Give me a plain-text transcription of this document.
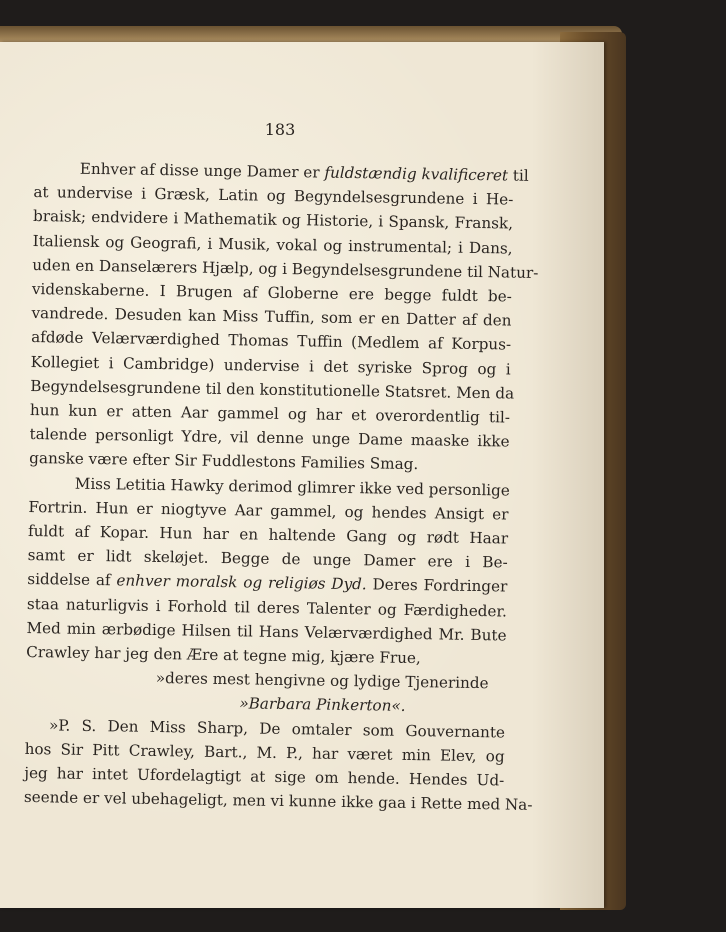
183
Enhver af disse unge Damer er fuldstændig kvalificeret til
at undervise i Græsk, Latin og Begyndelsesgrundene i He-
braisk; endvidere i Mathematik og Historie, i Spansk, Fransk,
Italiensk og Geografi, i Musik, vokal og instrumental; i Dans,
uden en Danselærers Hjælp, og i Begyndelsesgrundene til Natur-
videnskaberne. I Brugen af Globerne ere begge fuldt be-
vandrede. Desuden kan Miss Tuffin, som er en Datter af den
afdøde Velærværdighed Thomas Tuffin (Medlem af Korpus-
Kollegiet i Cambridge) undervise i det syriske Sprog og i
Begyndelsesgrundene til den konstitutionelle Statsret. Men da
hun kun er atten Aar gammel og har et overordentlig til-
talende personligt Ydre, vil denne unge Dame maaske ikke
ganske være efter Sir Fuddlestons Families Smag.
Miss Letitia Hawky derimod glimrer ikke ved personlige
Fortrin. Hun er niogtyve Aar gammel, og hendes Ansigt er
fuldt af Kopar. Hun har en haltende Gang og rødt Haar
samt er lidt skeløjet. Begge de unge Damer ere i Be-
siddelse af enhver moralsk og religiøs Dyd. Deres Fordringer
staa naturligvis i Forhold til deres Talenter og Færdigheder.
Med min ærbødige Hilsen til Hans Velærværdighed Mr. Bute
Crawley har jeg den Ære at tegne mig, kjære Frue,
»deres mest hengivne og lydige Tjenerinde
»Barbara Pinkerton«.
»P. S. Den Miss Sharp, De omtaler som Gouvernante
hos Sir Pitt Crawley, Bart., M. P., har været min Elev, og
jeg har intet Ufordelagtigt at sige om hende. Hendes Ud-
seende er vel ubehageligt, men vi kunne ikke gaa i Rette med Na-
